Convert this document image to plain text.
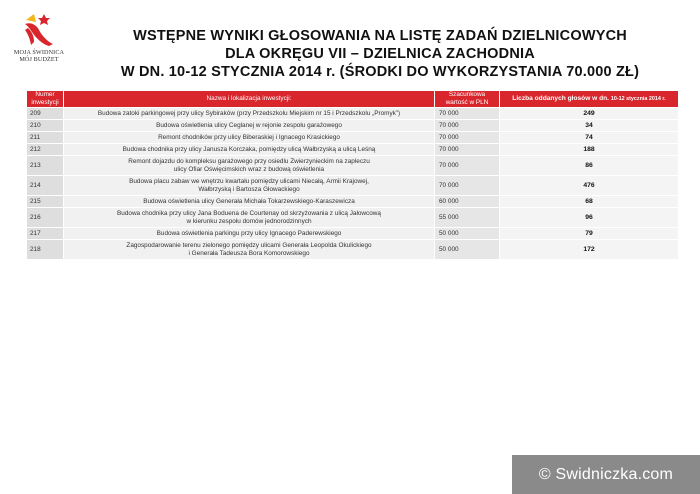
MOJA ŚWIDNICA
MÓJ BUDŻET
WSTĘPNE WYNIKI GŁOSOWANIA NA LISTĘ ZADAŃ DZIELNICOWYCH
DLA OKRĘGU VII – DZIELNICA ZACHODNIA
W DN. 10-12 STYCZNIA 2014 r. (ŚRODKI DO WYKORZYSTANIA 70.000 ZŁ)
Numer
inwestycji	Nazwa i lokalizacja inwestycji:	Szacunkowa
wartość w PLN	Liczba oddanych głosów w dn. 10-12 stycznia 2014 r.
209	Budowa zatoki parkingowej przy ulicy Sybiraków (przy Przedszkolu Miejskim nr 15 i Przedszkolu „Promyk”)	70 000	249
210	Budowa oświetlenia ulicy Ceglanej w rejonie zespołu garażowego	70 000	34
211	Remont chodników przy ulicy Biberaskiej i Ignacego Krasickiego	70 000	74
212	Budowa chodnika przy ulicy Janusza Korczaka, pomiędzy ulicą Wałbrzyską a ulicą Leśną	70 000	188
213	Remont dojazdu do kompleksu garażowego przy osiedlu Zwierzynieckim na zapleczu
ulicy Ofiar Oświęcimskich wraz z budową oświetlenia	70 000	86
214	Budowa placu zabaw we wnętrzu kwartału pomiędzy ulicami Niecałą, Armii Krajowej,
Wałbrzyską i Bartosza Głowackiego	70 000	476
215	Budowa oświetlenia ulicy Generała Michała Tokarzewskiego-Karaszewicza	60 000	68
216	Budowa chodnika przy ulicy Jana Boduena de Courtenay od skrzyżowania z ulicą Jałowcową
w kierunku zespołu domów jednorodzinnych	55 000	96
217	Budowa oświetlenia parkingu przy ulicy Ignacego Paderewskiego	50 000	79
218	Zagospodarowanie terenu zielonego pomiędzy ulicami Generała Leopolda Okulickiego
i Generała Tadeusza Bora Komorowskiego	50 000	172
© Swidniczka.com
